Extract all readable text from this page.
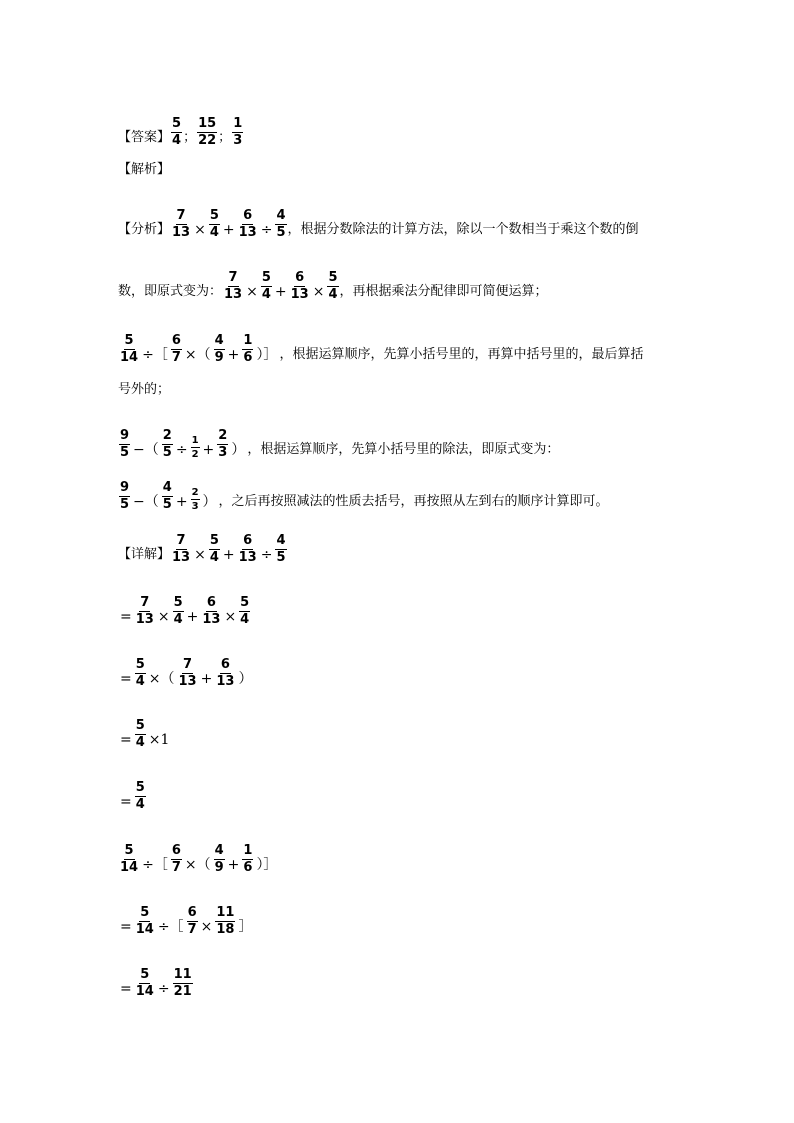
【答案】 $\frac{5}{4}$ ； $\frac{15}{22}$ ； $\frac{1}{3}$
【解析】
【分析】 $\frac{7}{13} \times \frac{5}{4} + \frac{6}{13} \div \frac{4}{5}$ ，根据分数除法的计算方法，除以一个数相当于乘这个数的倒
数，即原式变为： $\frac{7}{13} \times \frac{5}{4} + \frac{6}{13} \times \frac{5}{4}$ ，再根据乘法分配律即可简便运算；
$\frac{5}{14}$ ÷［ $\frac{6}{7}$ ×（ $\frac{4}{9} + \frac{1}{6}$ ）］ ，根据运算顺序，先算小括号里的，再算中括号里的，最后算括
号外的；
$\frac{9}{5}$ −（ $\frac{2}{5} \div \frac{1}{2} + \frac{2}{3}$ ） ，根据运算顺序，先算小括号里的除法，即原式变为：
$\frac{9}{5}$ −（ $\frac{4}{5} + \frac{2}{3}$ ） ，之后再按照减法的性质去括号，再按照从左到右的顺序计算即可。
【详解】 $\frac{7}{13} \times \frac{5}{4} + \frac{6}{13} \div \frac{4}{5}$
= $\frac{7}{13} \times \frac{5}{4} + \frac{6}{13} \times \frac{5}{4}$
= $\frac{5}{4}$ ×（ $\frac{7}{13} + \frac{6}{13}$ ）
= $\frac{5}{4} \times 1$
= $\frac{5}{4}$
$\frac{5}{14}$ ÷［ $\frac{6}{7}$ ×（ $\frac{4}{9} + \frac{1}{6}$ ）］
= $\frac{5}{14}$ ÷［ $\frac{6}{7} \times \frac{11}{18}$ ］
= $\frac{5}{14} \div \frac{11}{21}$
